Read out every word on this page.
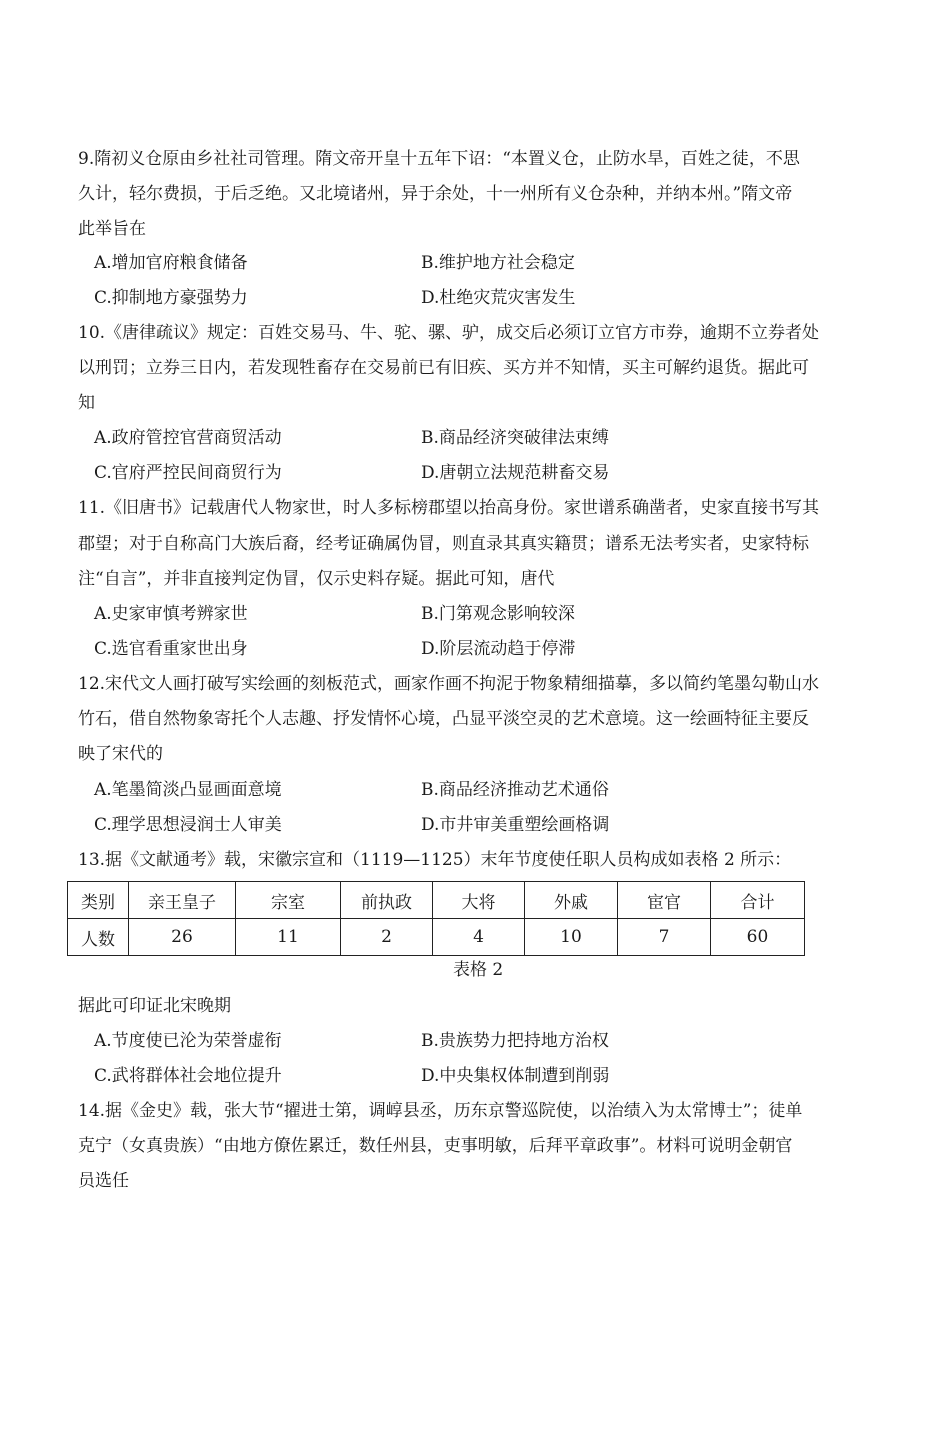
9.隋初义仓原由乡社社司管理。隋文帝开皇十五年下诏：“本置义仓，止防水旱，百姓之徒，不思
久计，轻尔费损，于后乏绝。又北境诸州，异于余处，十一州所有义仓杂种，并纳本州。”隋文帝
此举旨在
A.增加官府粮食储备	B.维护地方社会稳定
C.抑制地方豪强势力	D.杜绝灾荒灾害发生
10.《唐律疏议》规定：百姓交易马、牛、驼、骡、驴，成交后必须订立官方市券，逾期不立券者处
以刑罚；立券三日内，若发现牲畜存在交易前已有旧疾、买方并不知情，买主可解约退货。据此可
知
A.政府管控官营商贸活动	B.商品经济突破律法束缚
C.官府严控民间商贸行为	D.唐朝立法规范耕畜交易
11.《旧唐书》记载唐代人物家世，时人多标榜郡望以抬高身份。家世谱系确凿者，史家直接书写其
郡望；对于自称高门大族后裔，经考证确属伪冒，则直录其真实籍贯；谱系无法考实者，史家特标
注“自言”，并非直接判定伪冒，仅示史料存疑。据此可知，唐代
A.史家审慎考辨家世	B.门第观念影响较深
C.选官看重家世出身	D.阶层流动趋于停滞
12.宋代文人画打破写实绘画的刻板范式，画家作画不拘泥于物象精细描摹，多以简约笔墨勾勒山水
竹石，借自然物象寄托个人志趣、抒发情怀心境，凸显平淡空灵的艺术意境。这一绘画特征主要反
映了宋代的
A.笔墨简淡凸显画面意境	B.商品经济推动艺术通俗
C.理学思想浸润士人审美	D.市井审美重塑绘画格调
13.据《文献通考》载，宋徽宗宣和（1119—1125）末年节度使任职人员构成如表格 2 所示：
类别	亲王皇子	宗室	前执政	大将	外戚	宦官	合计
人数	26	11	2	4	10	7	60
表格 2
据此可印证北宋晚期
A.节度使已沦为荣誉虚衔	B.贵族势力把持地方治权
C.武将群体社会地位提升	D.中央集权体制遭到削弱
14.据《金史》载，张大节“擢进士第，调崞县丞，历东京警巡院使，以治绩入为太常博士”；徒单
克宁（女真贵族）“由地方僚佐累迁，数任州县，吏事明敏，后拜平章政事”。材料可说明金朝官
员选任
